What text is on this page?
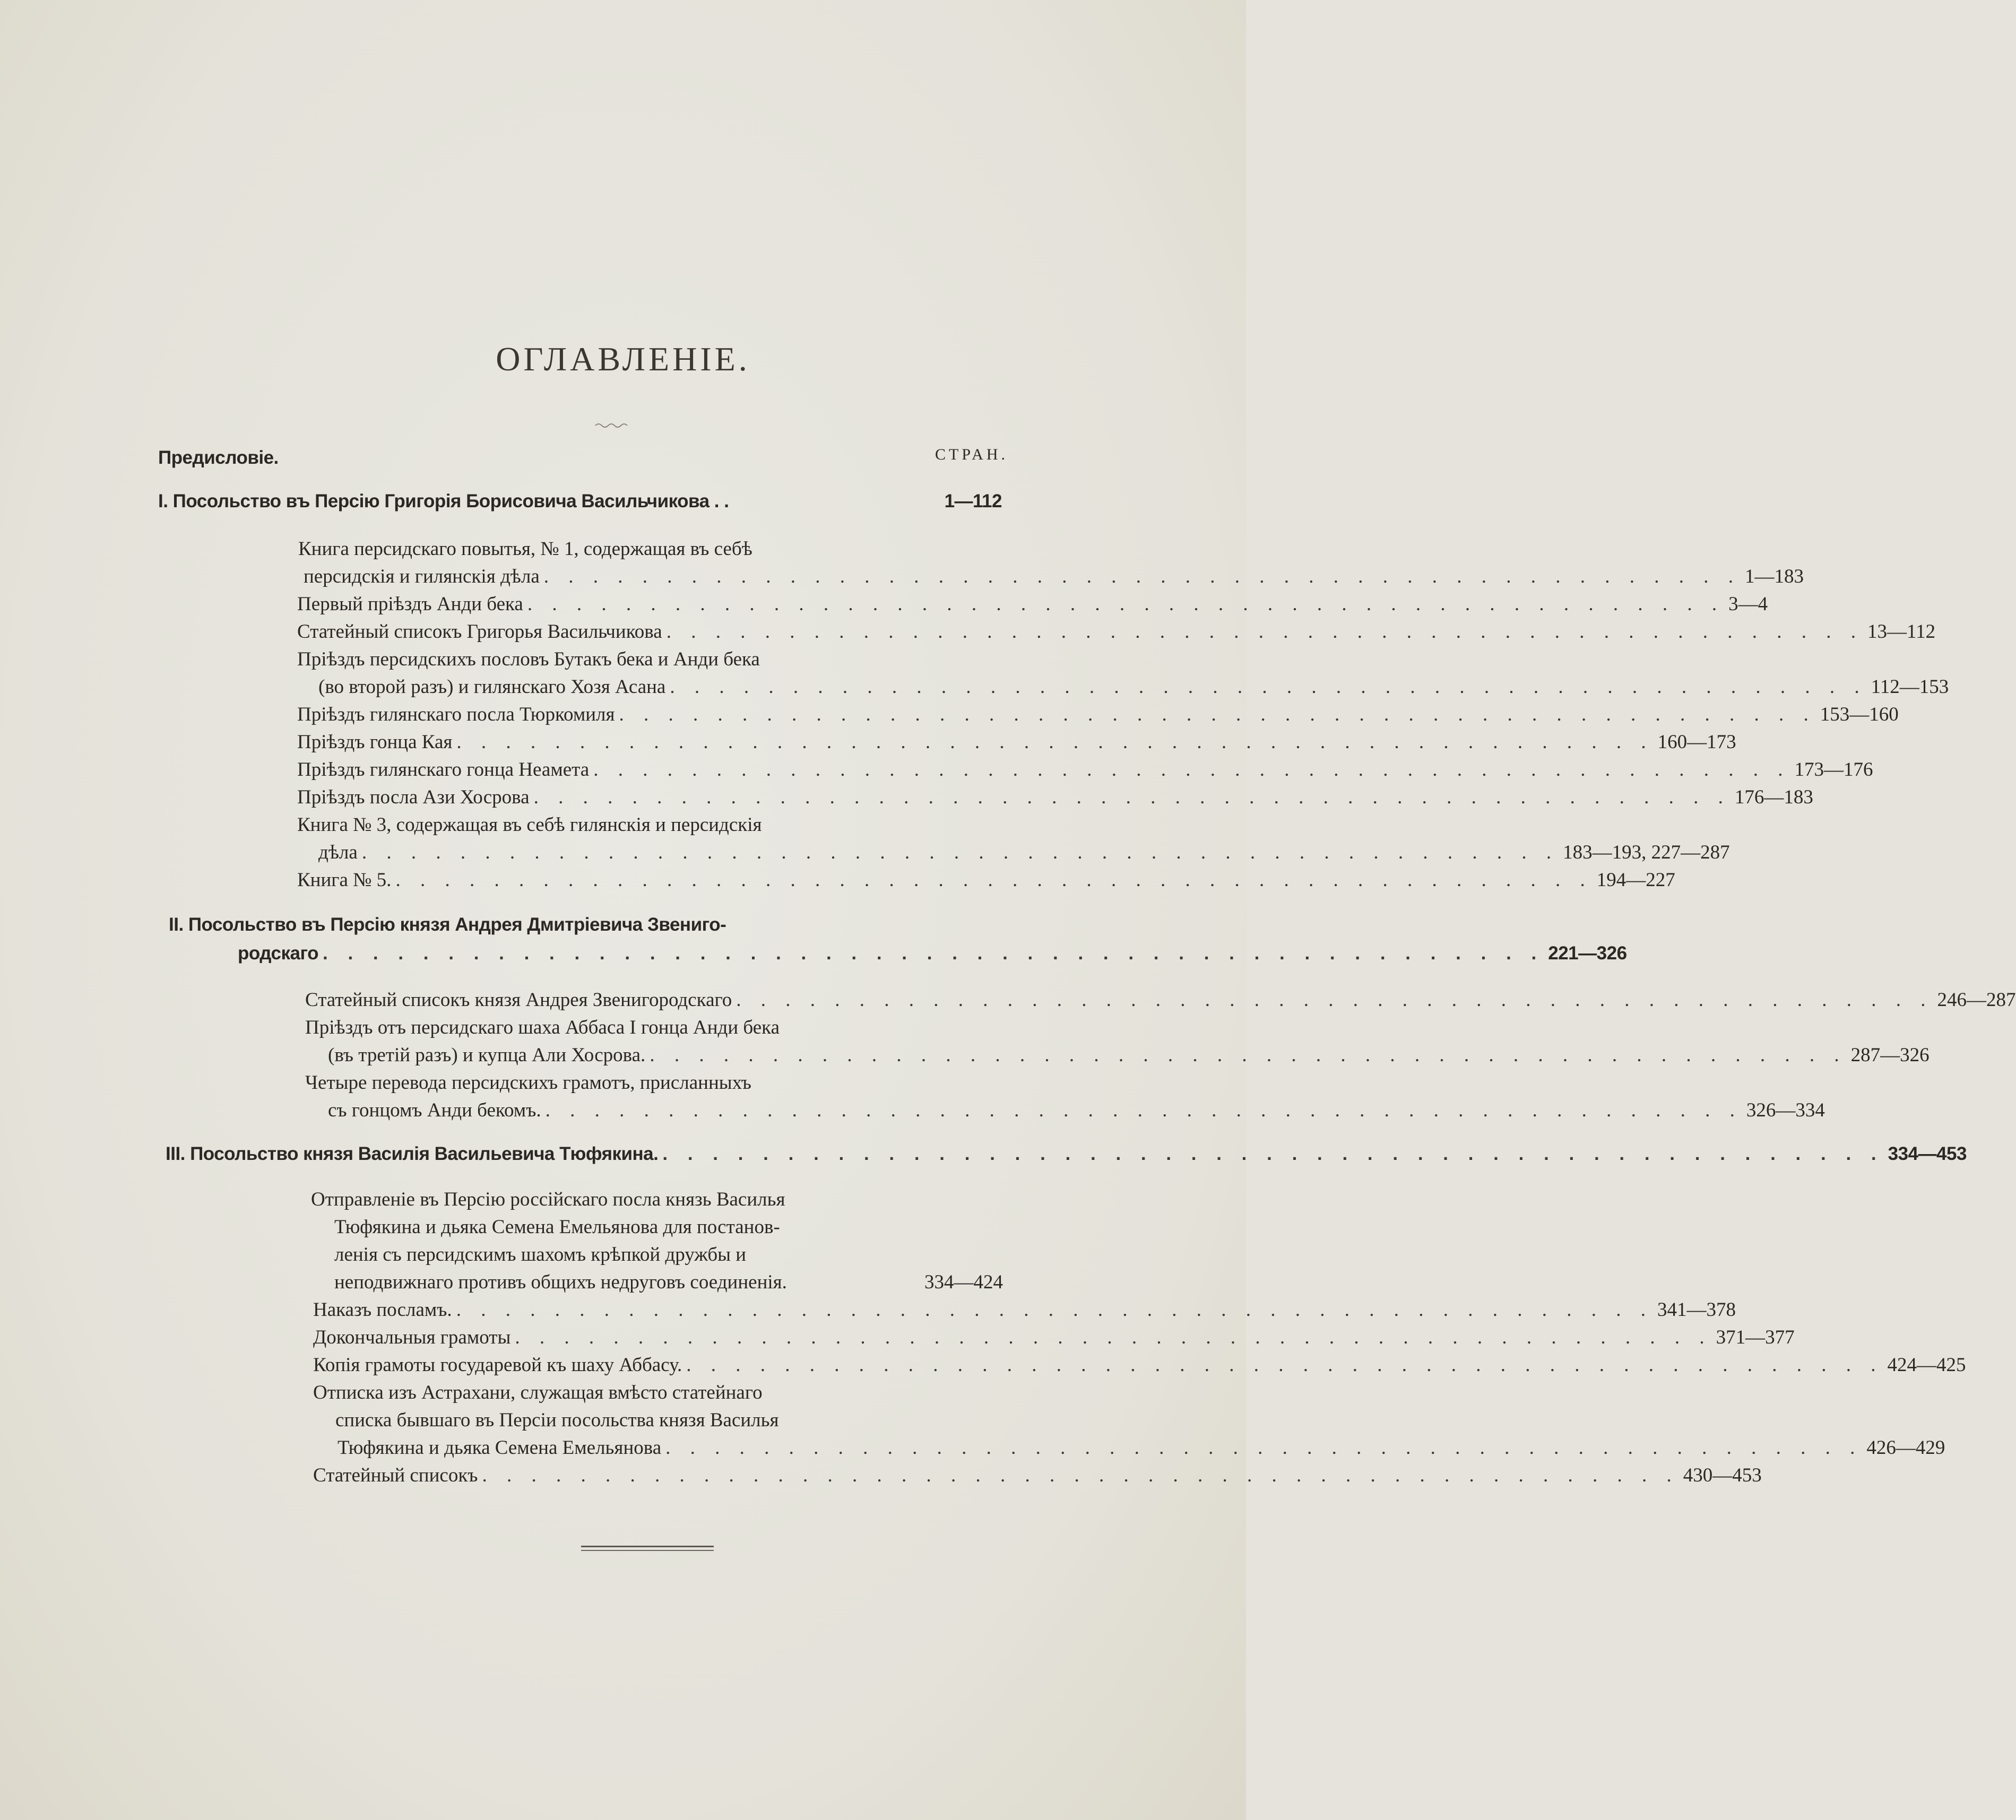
ОГЛАВЛЕНІЕ.
Предисловіе.	СТРАН.
I. Посольство въ Персію Григорія Борисовича Васильчикова . .	1—112
Книга персидскаго повытья, № 1, содержащая въ себѣ
персидскія и гилянскія дѣла . . . . . . . . . . . . . . . . . . . . . . . . . . . . . . . . . . . . . . . . . . . . . . . . . 1—183
Первый пріѣздъ Анди бека . . . . . . . . . . . . . . . . . . . . . . . . . . . . . . . . . . . . . . . . . . . . . . . . . 3—4
Статейный списокъ Григорья Васильчикова . . . . . . . . . . . . . . . . . . . . . . . . . . . . . . . . . . . . . . . . . . . . . . . . . 13—112
Пріѣздъ персидскихъ пословъ Бутакъ бека и Анди бека
(во второй разъ) и гилянскаго Хозя Асана . . . . . . . . . . . . . . . . . . . . . . . . . . . . . . . . . . . . . . . . . . . . . . . . . 112—153
Пріѣздъ гилянскаго посла Тюркомиля . . . . . . . . . . . . . . . . . . . . . . . . . . . . . . . . . . . . . . . . . . . . . . . . . 153—160
Пріѣздъ гонца Кая . . . . . . . . . . . . . . . . . . . . . . . . . . . . . . . . . . . . . . . . . . . . . . . . . 160—173
Пріѣздъ гилянскаго гонца Неамета . . . . . . . . . . . . . . . . . . . . . . . . . . . . . . . . . . . . . . . . . . . . . . . . . 173—176
Пріѣздъ посла Ази Хосрова . . . . . . . . . . . . . . . . . . . . . . . . . . . . . . . . . . . . . . . . . . . . . . . . . 176—183
Книга № 3, содержащая въ себѣ гилянскія и персидскія
дѣла . . . . . . . . . . . . . . . . . . . . . . . . . . . . . . . . . . . . . . . . . . . . . . . . . 183—193, 227—287
Книга № 5. . . . . . . . . . . . . . . . . . . . . . . . . . . . . . . . . . . . . . . . . . . . . . . . . . 194—227
II. Посольство въ Персію князя Андрея Дмитріевича Звениго-
родскаго . . . . . . . . . . . . . . . . . . . . . . . . . . . . . . . . . . . . . . . . . . . . . . . . . 221—326
Статейный списокъ князя Андрея Звенигородскаго . . . . . . . . . . . . . . . . . . . . . . . . . . . . . . . . . . . . . . . . . . . . . . . . . 246—287
Пріѣздъ отъ персидскаго шаха Аббаса I гонца Анди бека
(въ третій разъ) и купца Али Хосрова. . . . . . . . . . . . . . . . . . . . . . . . . . . . . . . . . . . . . . . . . . . . . . . . . . 287—326
Четыре перевода персидскихъ грамотъ, присланныхъ
съ гонцомъ Анди бекомъ. . . . . . . . . . . . . . . . . . . . . . . . . . . . . . . . . . . . . . . . . . . . . . . . . . 326—334
III. Посольство князя Василія Васильевича Тюфякина. . . . . . . . . . . . . . . . . . . . . . . . . . . . . . . . . . . . . . . . . . . . . . . . . . 334—453
Отправленіе въ Персію россійскаго посла князь Василья
Тюфякина и дьяка Семена Емельянова для постанов-
ленія съ персидскимъ шахомъ крѣпкой дружбы и
неподвижнаго противъ общихъ недруговъ соединенія.	334—424
Наказъ посламъ. . . . . . . . . . . . . . . . . . . . . . . . . . . . . . . . . . . . . . . . . . . . . . . . . . 341—378
Докончальныя грамоты . . . . . . . . . . . . . . . . . . . . . . . . . . . . . . . . . . . . . . . . . . . . . . . . . 371—377
Копія грамоты государевой къ шаху Аббасу. . . . . . . . . . . . . . . . . . . . . . . . . . . . . . . . . . . . . . . . . . . . . . . . . . 424—425
Отписка изъ Астрахани, служащая вмѣсто статейнаго
списка бывшаго въ Персіи посольства князя Василья
Тюфякина и дьяка Семена Емельянова . . . . . . . . . . . . . . . . . . . . . . . . . . . . . . . . . . . . . . . . . . . . . . . . . 426—429
Статейный списокъ . . . . . . . . . . . . . . . . . . . . . . . . . . . . . . . . . . . . . . . . . . . . . . . . . 430—453
